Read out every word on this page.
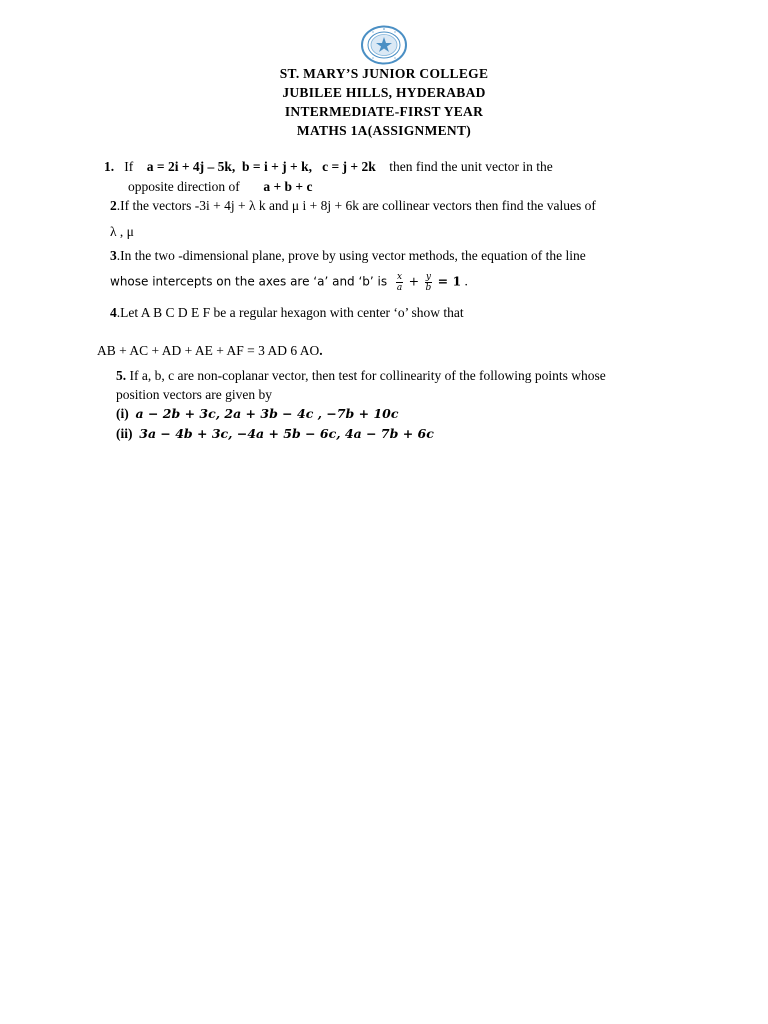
ST. MARY’S JUNIOR COLLEGE
JUBILEE HILLS, HYDERABAD
INTERMEDIATE-FIRST YEAR
MATHS 1A(ASSIGNMENT)
1. If a = 2i + 4j – 5k, b = i + j + k, c = j + 2k then find the unit vector in the
opposite direction of a + b + c
2.If the vectors -3i + 4j + λ k and μ i + 8j + 6k are collinear vectors then find the values of
λ , μ
3.In the two -dimensional plane, prove by using vector methods, the equation of the line
whose intercepts on the axes are ‘a’ and ‘b’ is $\frac{x}{a} + \frac{y}{b} = 1$ .
4.Let A B C D E F be a regular hexagon with center ‘o’ show that
AB + AC + AD + AE + AF = 3 AD 6 AO.
5. If a, b, c are non-coplanar vector, then test for collinearity of the following points whose
position vectors are given by
(i) a − 2b + 3c, 2a + 3b − 4c , −7b + 10c
(ii) 3a − 4b + 3c, −4a + 5b − 6c, 4a − 7b + 6c
